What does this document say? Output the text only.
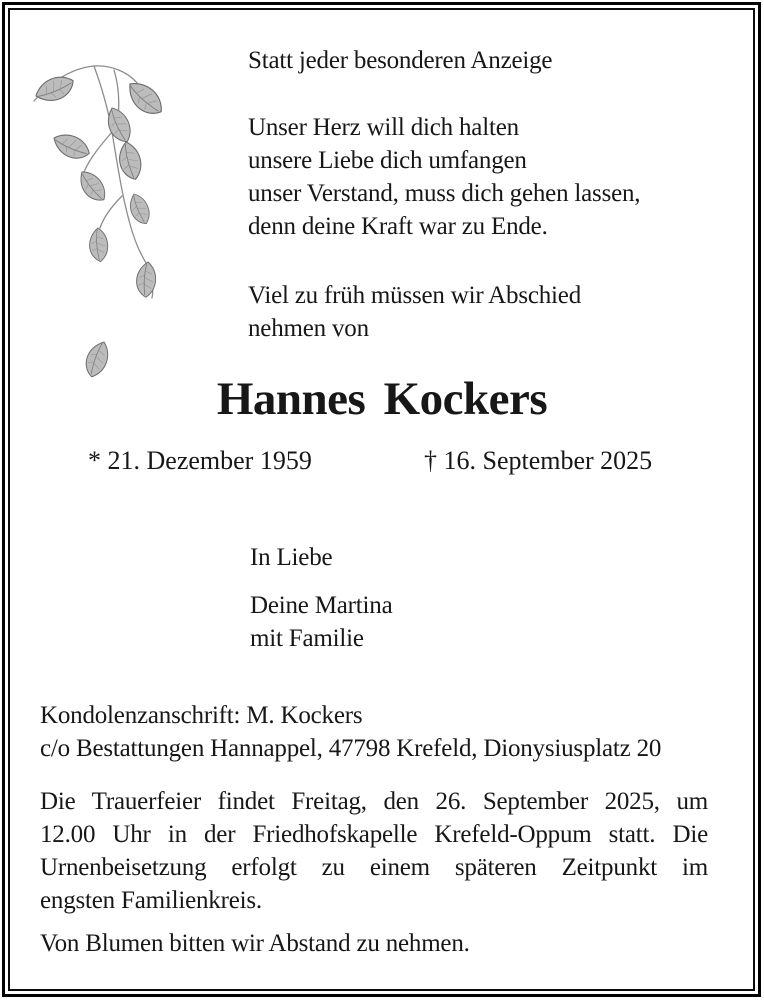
Statt jeder besonderen Anzeige
Unser Herz will dich halten
unsere Liebe dich umfangen
unser Verstand, muss dich gehen lassen,
denn deine Kraft war zu Ende.
Viel zu früh müssen wir Abschied
nehmen von
Hannes Kockers
* 21. Dezember 1959	† 16. September 2025
In Liebe
Deine Martina
mit Familie
Kondolenzanschrift: M. Kockers
c/o Bestattungen Hannappel, 47798 Krefeld, Dionysiusplatz 20
Die Trauerfeier findet Freitag, den 26. September 2025, um
12.00 Uhr in der Friedhofskapelle Krefeld-Oppum statt. Die
Urnenbeisetzung erfolgt zu einem späteren Zeitpunkt im
engsten Familienkreis.
Von Blumen bitten wir Abstand zu nehmen.
